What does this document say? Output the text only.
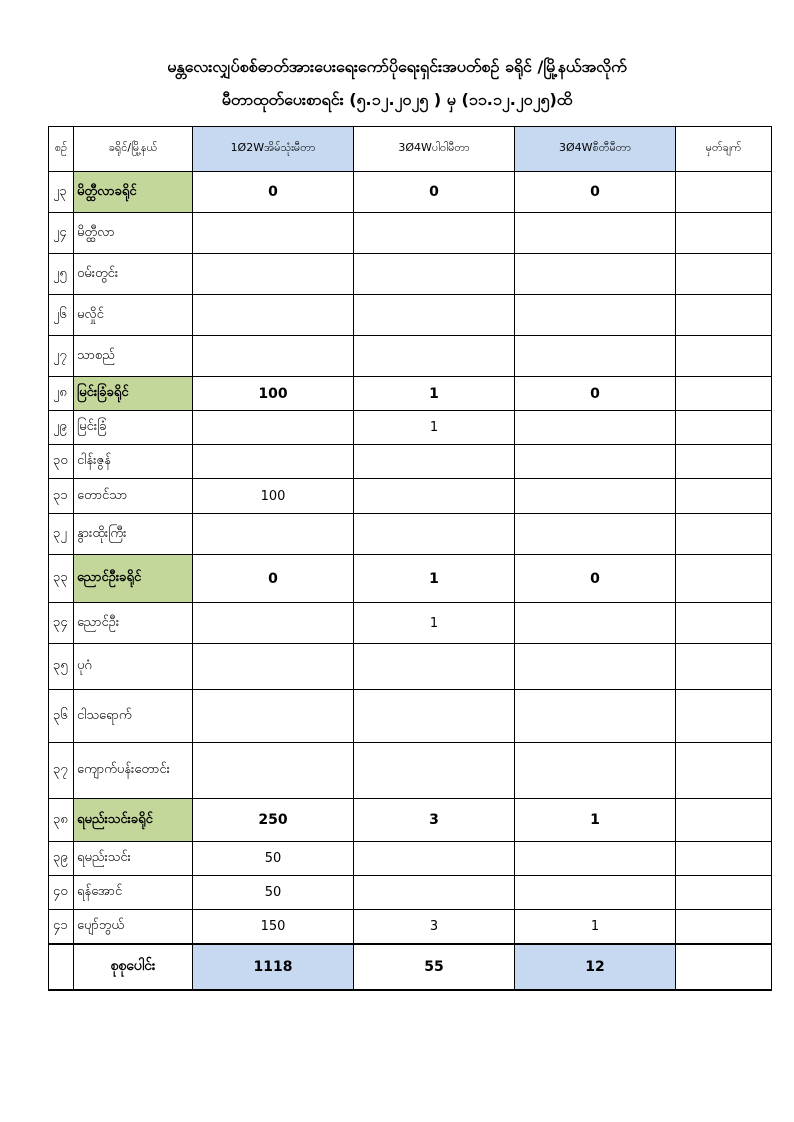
မန္တလေးလျှပ်စစ်ဓာတ်အားပေးရေးကော်ပိုရေးရှင်းအပတ်စဉ် ခရိုင် /မြို့နယ်အလိုက်
မီတာထုတ်ပေးစာရင်း (၅.၁၂.၂၀၂၅ ) မှ (၁၁.၁၂.၂၀၂၅)ထိ
စဉ်	ခရိုင်/မြို့နယ်	1Ø2Wအိမ်သုံးမီတာ	3Ø4Wပါဝါမီတာ	3Ø4Wစီတီမီတာ	မှတ်ချက်
၂၃	မိတ္ထီလာခရိုင်	0	0	0	
၂၄	မိတ္ထီလာ				
၂၅	ဝမ်းတွင်း				
၂၆	မလှိုင်				
၂၇	သာစည်				
၂၈	မြင်းခြံခရိုင်	100	1	0	
၂၉	မြင်းခြံ		1		
၃၀	ငါန်းဇွန်				
၃၁	တောင်သာ	100			
၃၂	နွားထိုးကြီး				
၃၃	ညောင်ဦးခရိုင်	0	1	0	
၃၄	ညောင်ဦး		1		
၃၅	ပုဂံ				
၃၆	ငါသရောက်				
၃၇	ကျောက်ပန်းတောင်း				
၃၈	ရမည်းသင်းခရိုင်	250	3	1	
၃၉	ရမည်းသင်း	50			
၄၀	ရန်အောင်	50			
၄၁	ပျော်ဘွယ်	150	3	1	
	စုစုပေါင်း	1118	55	12	
